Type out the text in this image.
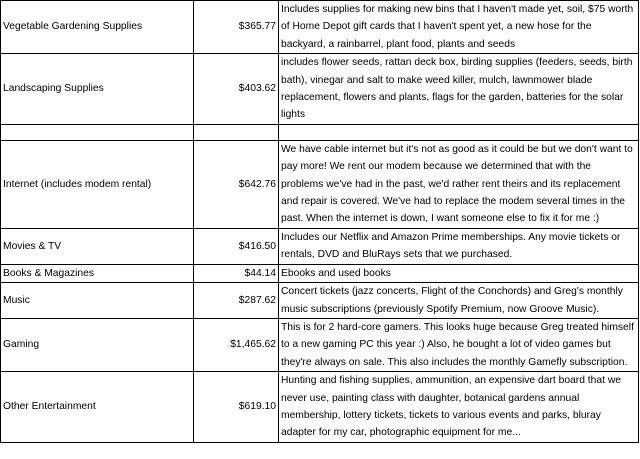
Vegetable Gardening Supplies	$365.77	Includes supplies for making new bins that I haven't made yet, soil, $75 worth of Home Depot gift cards that I haven't spent yet, a new hose for the backyard, a rainbarrel, plant food, plants and seeds
Landscaping Supplies	$403.62	includes flower seeds, rattan deck box, birding supplies (feeders, seeds, birth bath), vinegar and salt to make weed killer, mulch, lawnmower blade replacement, flowers and plants, flags for the garden, batteries for the solar lights

Internet (includes modem rental)	$642.76	We have cable internet but it's not as good as it could be but we don't want to pay more! We rent our modem because we determined that with the problems we've had in the past, we'd rather rent theirs and its replacement and repair is covered. We've had to replace the modem several times in the past. When the internet is down, I want someone else to fix it for me :)
Movies & TV	$416.50	Includes our Netflix and Amazon Prime memberships. Any movie tickets or rentals, DVD and BluRays sets that we purchased.
Books & Magazines	$44.14	Ebooks and used books
Music	$287.62	Concert tickets (jazz concerts, Flight of the Conchords) and Greg's monthly music subscriptions (previously Spotify Premium, now Groove Music).
Gaming	$1,465.62	This is for 2 hard-core gamers. This looks huge because Greg treated himself to a new gaming PC this year :) Also, he bought a lot of video games but they're always on sale. This also includes the monthly Gamefly subscription.
Other Entertainment	$619.10	Hunting and fishing supplies, ammunition, an expensive dart board that we never use, painting class with daughter, botanical gardens annual membership, lottery tickets, tickets to various events and parks, bluray adapter for my car, photographic equipment for me...
